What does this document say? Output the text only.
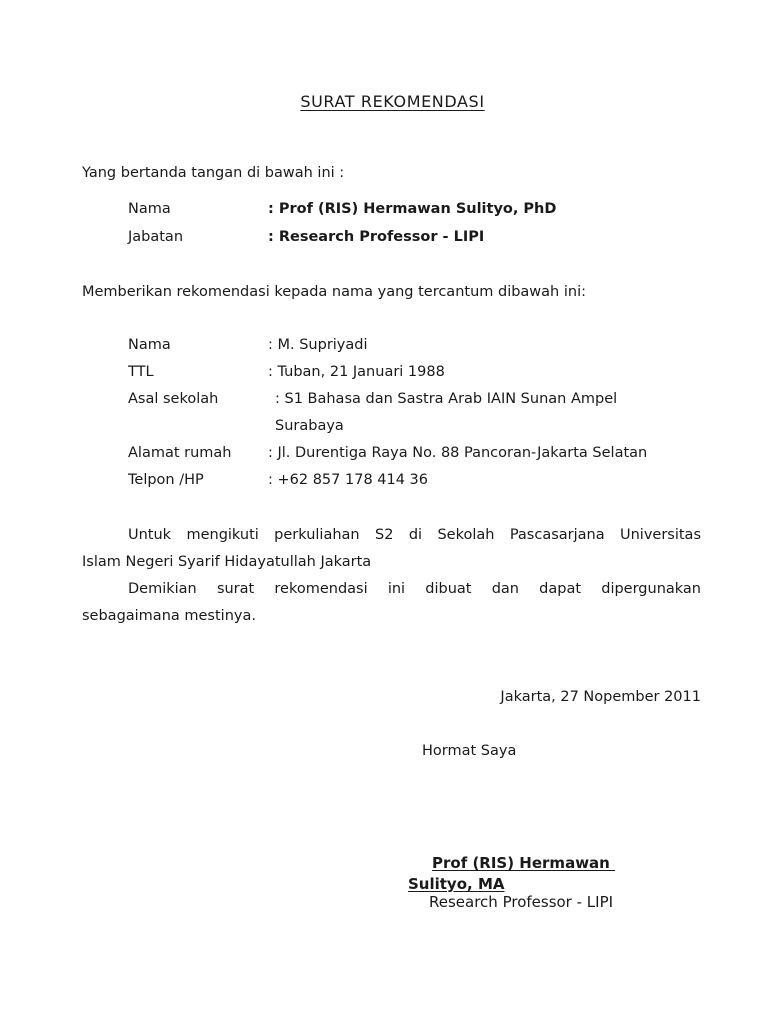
SURAT REKOMENDASI
Yang bertanda tangan di bawah ini :
Nama	: Prof (RIS) Hermawan Sulityo, PhD
Jabatan	: Research Professor - LIPI
Memberikan rekomendasi kepada nama yang tercantum dibawah ini:
Nama	: M. Supriyadi
TTL	: Tuban, 21 Januari 1988
Asal sekolah	: S1 Bahasa dan Sastra Arab IAIN Sunan Ampel
Surabaya
Alamat rumah	: Jl. Durentiga Raya No. 88 Pancoran-Jakarta Selatan
Telpon /HP	: +62 857 178 414 36
Untuk mengikuti perkuliahan S2 di Sekolah Pascasarjana Universitas
Islam Negeri Syarif Hidayatullah Jakarta
Demikian surat rekomendasi ini dibuat dan dapat dipergunakan
sebagaimana mestinya.
Jakarta, 27 Nopember 2011
Hormat Saya
Prof (RIS) Hermawan
Sulityo, MA
Research Professor - LIPI
